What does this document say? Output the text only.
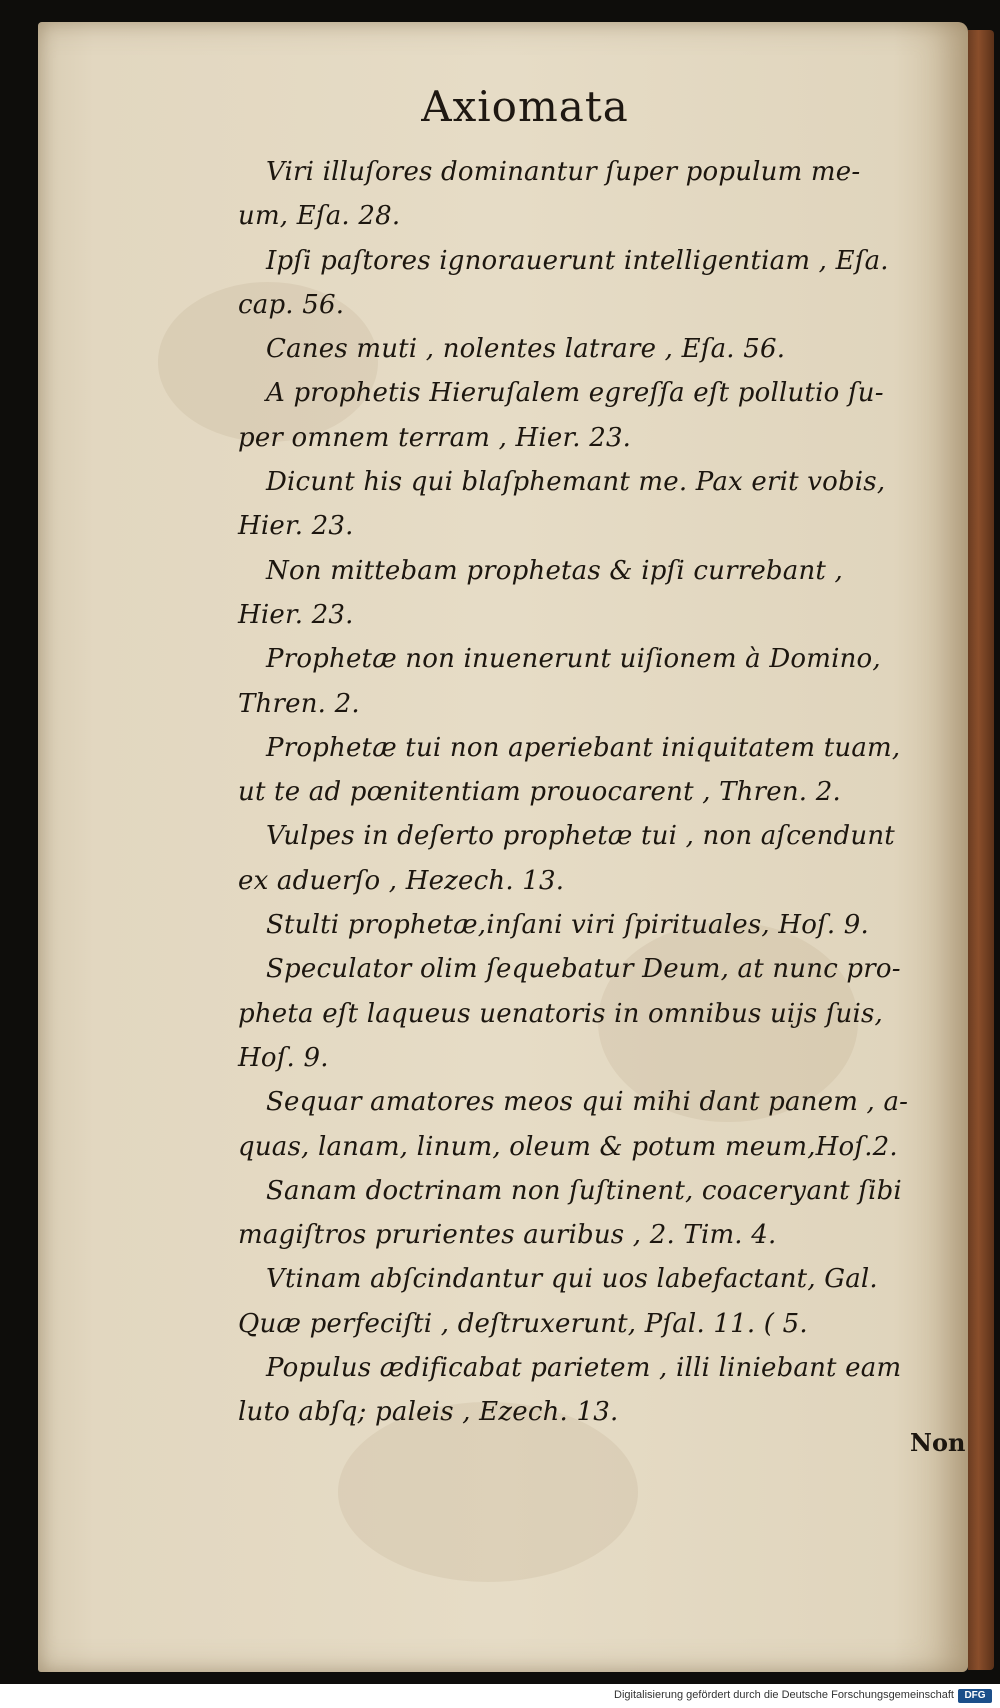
Axiomata
Viri illuſores dominantur ſuper populum me-
um, Eſa. 28.
Ipſi paſtores ignorauerunt intelligentiam , Eſa.
cap. 56.
Canes muti , nolentes latrare , Eſa. 56.
A prophetis Hieruſalem egreſſa eſt pollutio ſu-
per omnem terram , Hier. 23.
Dicunt his qui blaſphemant me. Pax erit vobis,
Hier. 23.
Non mittebam prophetas & ipſi currebant ,
Hier. 23.
Prophetæ non inuenerunt uiſionem à Domino,
Thren. 2.
Prophetæ tui non aperiebant iniquitatem tuam,
ut te ad pœnitentiam prouocarent , Thren. 2.
Vulpes in deſerto prophetæ tui , non aſcendunt
ex aduerſo , Hezech. 13.
Stulti prophetæ,inſani viri ſpirituales, Hoſ. 9.
Speculator olim ſequebatur Deum, at nunc pro-
pheta eſt laqueus uenatoris in omnibus uijs ſuis,
Hoſ. 9.
Sequar amatores meos qui mihi dant panem , a-
quas, lanam, linum, oleum & potum meum,Hoſ.2.
Sanam doctrinam non ſuſtinent, coacerуant ſibi
magiſtros prurientes auribus , 2. Tim. 4.
Vtinam abſcindantur qui uos labefactant, Gal.
Quæ perfeciſti , deſtruxerunt, Pſal. 11. ( 5.
Populus ædificabat parietem , illi liniebant eam
luto abſq; paleis , Ezech. 13.
Non
Digitalisierung gefördert durch die Deutsche Forschungsgemeinschaft	DFG
